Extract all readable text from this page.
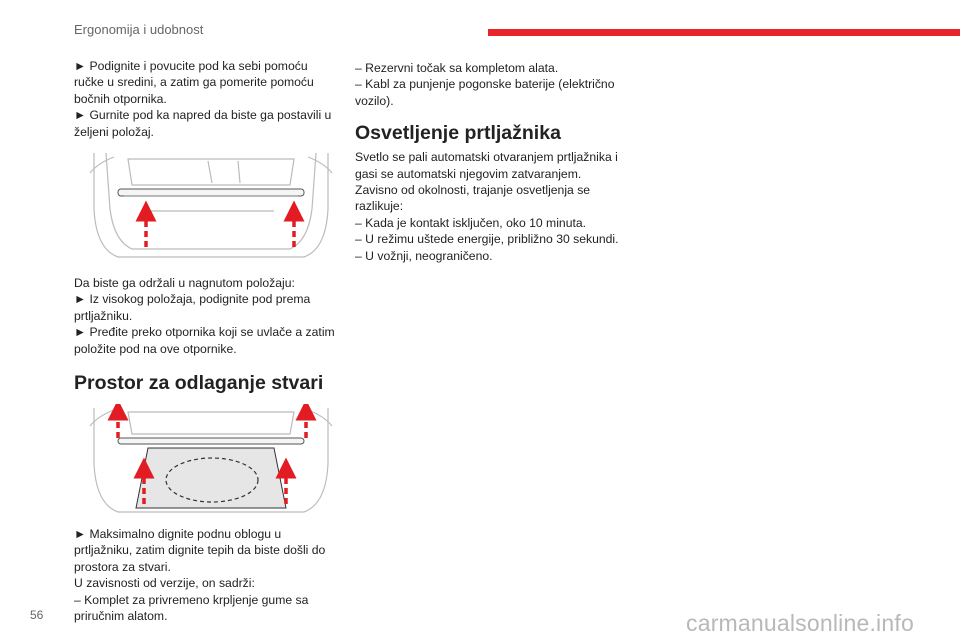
Ergonomija i udobnost

► Podignite i povucite pod ka sebi pomoću ručke u sredini, a zatim ga pomerite pomoću bočnih otpornika.

► Gurnite pod ka napred da biste ga postavili u željeni položaj.

Da biste ga održali u nagnutom položaju:

► Iz visokog položaja, podignite pod prema prtljažniku.

► Pređite preko otpornika koji se uvlače a zatim položite pod na ove otpornike.

Prostor za odlaganje stvari

► Maksimalno dignite podnu oblogu u prtljažniku, zatim dignite tepih da biste došli do prostora za stvari.

U zavisnosti od verzije, on sadrži:

– Komplet za privremeno krpljenje gume sa priručnim alatom.

– Rezervni točak sa kompletom alata.

– Kabl za punjenje pogonske baterije (električno vozilo).

Osvetljenje prtljažnika

Svetlo se pali automatski otvaranjem prtljažnika i gasi se automatski njegovim zatvaranjem.

Zavisno od okolnosti, trajanje osvetljenja se razlikuje:

– Kada je kontakt isključen, oko 10 minuta.

– U režimu uštede energije, približno 30 sekundi.

– U vožnji, neograničeno.

56	carmanualsonline.info
